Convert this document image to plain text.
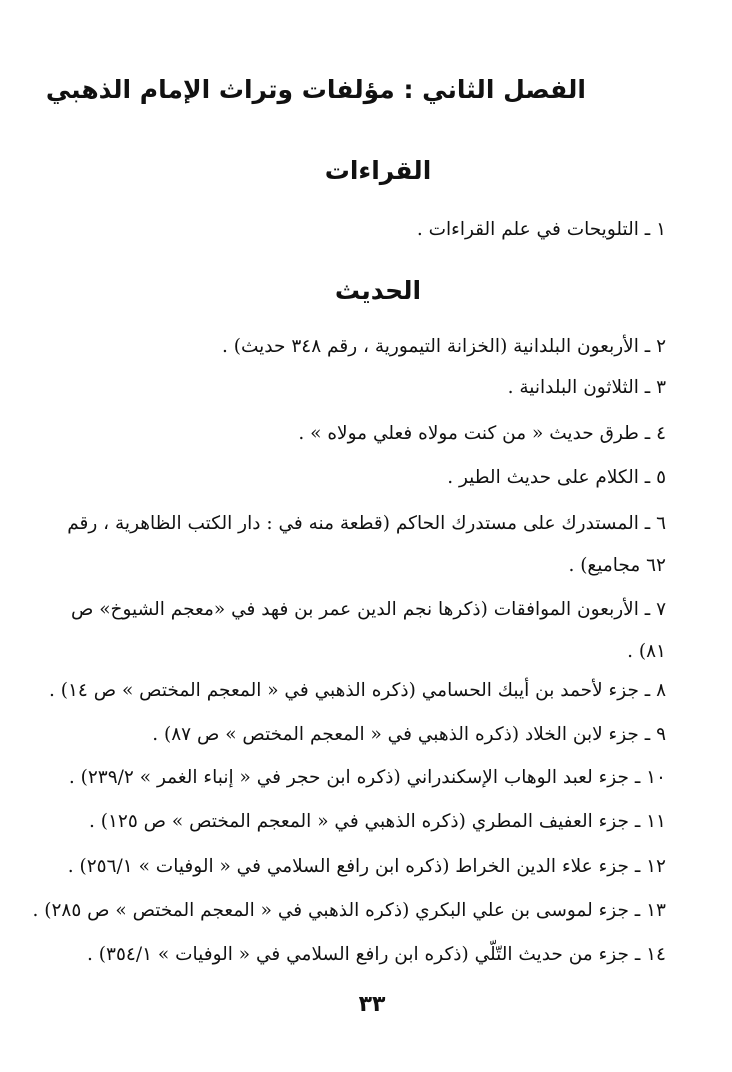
الفصل الثاني : مؤلفات وتراث الإمام الذهبي
القراءات
١ ـ التلويحات في علم القراءات .
الحديث
٢ ـ الأربعون البلدانية (الخزانة التيمورية ، رقم ٣٤٨ حديث) .
٣ ـ الثلاثون البلدانية .
٤ ـ طرق حديث « من كنت مولاه فعلي مولاه » .
٥ ـ الكلام على حديث الطير .
٦ ـ المستدرك على مستدرك الحاكم (قطعة منه في : دار الكتب الظاهرية ، رقم ٦٢ مجاميع) .
٧ ـ الأربعون الموافقات (ذكرها نجم الدين عمر بن فهد في «معجم الشيوخ» ص ٨١) .
٨ ـ جزء لأحمد بن أيبك الحسامي (ذكره الذهبي في « المعجم المختص » ص ١٤) .
٩ ـ جزء لابن الخلاد (ذكره الذهبي في « المعجم المختص » ص ٨٧) .
١٠ ـ جزء لعبد الوهاب الإسكندراني (ذكره ابن حجر في « إنباء الغمر » ٢٣٩/٢) .
١١ ـ جزء العفيف المطري (ذكره الذهبي في « المعجم المختص » ص ١٢٥) .
١٢ ـ جزء علاء الدين الخراط (ذكره ابن رافع السلامي في « الوفيات » ٢٥٦/١) .
١٣ ـ جزء لموسى بن علي البكري (ذكره الذهبي في « المعجم المختص » ص ٢٨٥) .
١٤ ـ جزء من حديث التّلّي (ذكره ابن رافع السلامي في « الوفيات » ٣٥٤/١) .
٣٣
